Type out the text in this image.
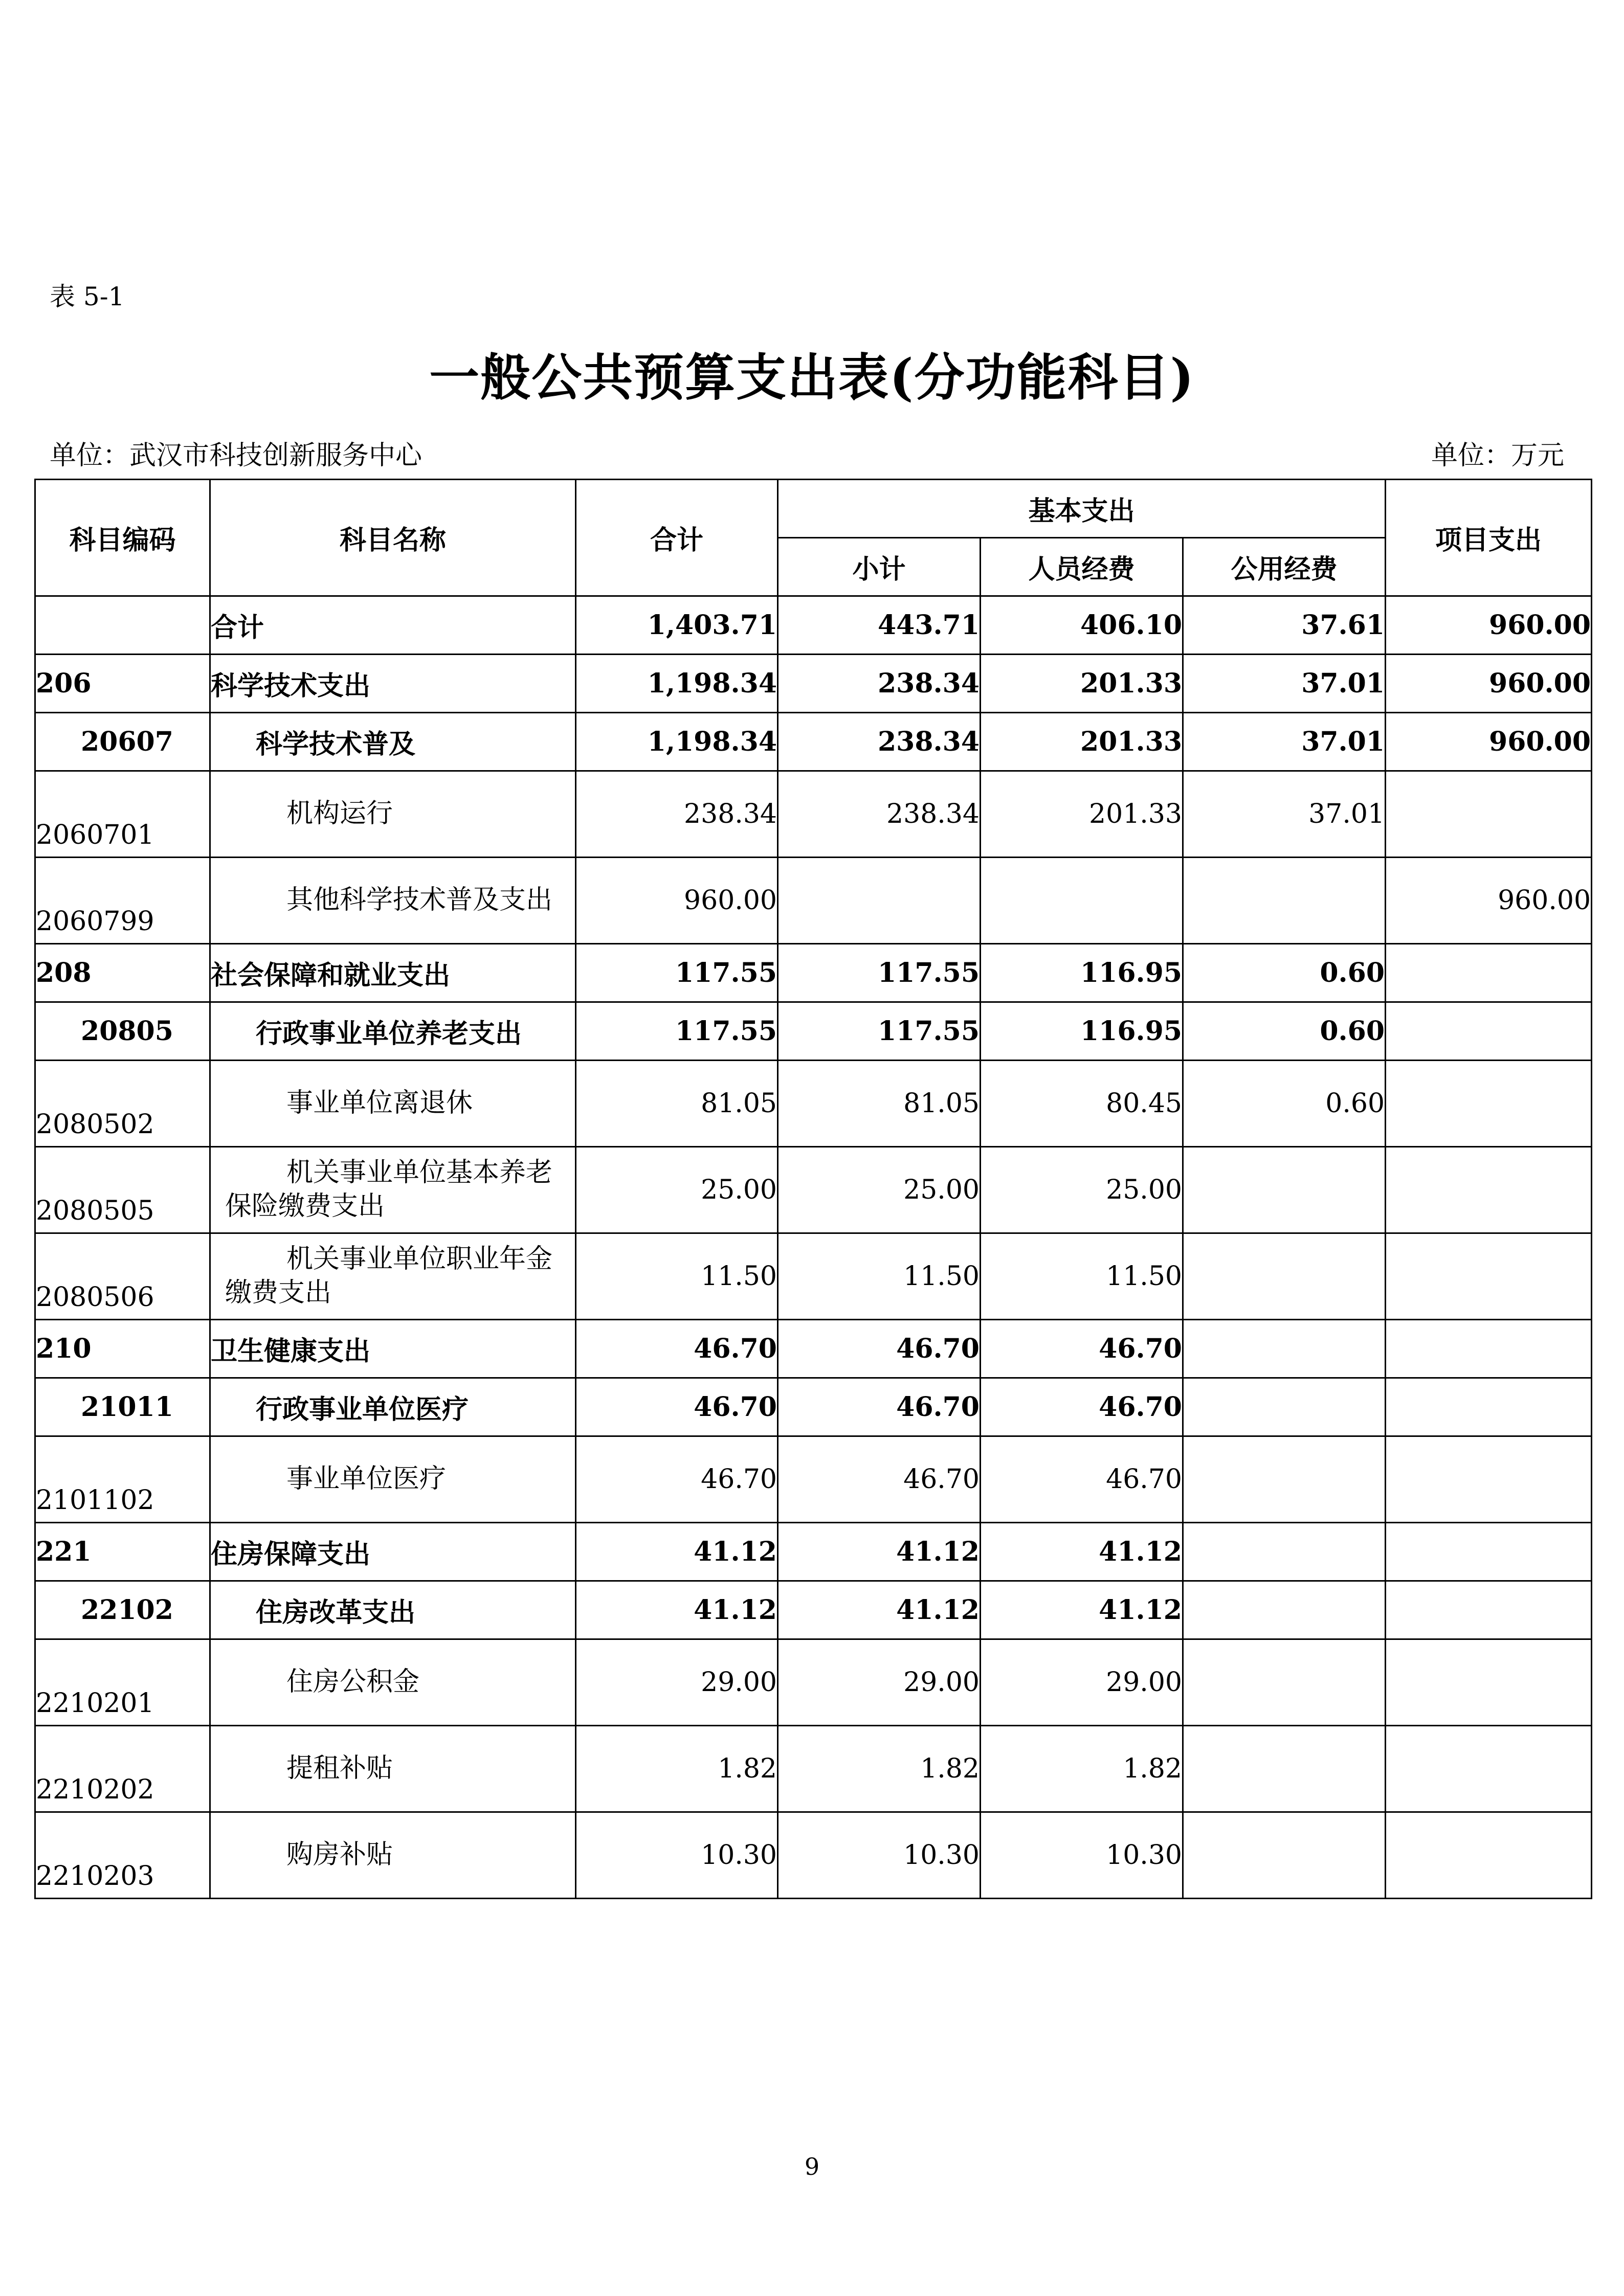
表 5-1
一般公共预算支出表(分功能科目)
单位：武汉市科技创新服务中心	单位：万元
科目编码	科目名称	合计	基本支出			项目支出
			小计	人员经费	公用经费	
	合计	1,403.71	443.71	406.10	37.61	960.00
206	科学技术支出	1,198.34	238.34	201.33	37.01	960.00
20607	科学技术普及	1,198.34	238.34	201.33	37.01	960.00
2060701	机构运行	238.34	238.34	201.33	37.01	
2060799	其他科学技术普及支出	960.00				960.00
208	社会保障和就业支出	117.55	117.55	116.95	0.60	
20805	行政事业单位养老支出	117.55	117.55	116.95	0.60	
2080502	事业单位离退休	81.05	81.05	80.45	0.60	
2080505	机关事业单位基本养老保险缴费支出	25.00	25.00	25.00		
2080506	机关事业单位职业年金缴费支出	11.50	11.50	11.50		
210	卫生健康支出	46.70	46.70	46.70		
21011	行政事业单位医疗	46.70	46.70	46.70		
2101102	事业单位医疗	46.70	46.70	46.70		
221	住房保障支出	41.12	41.12	41.12		
22102	住房改革支出	41.12	41.12	41.12		
2210201	住房公积金	29.00	29.00	29.00		
2210202	提租补贴	1.82	1.82	1.82		
2210203	购房补贴	10.30	10.30	10.30		
9
